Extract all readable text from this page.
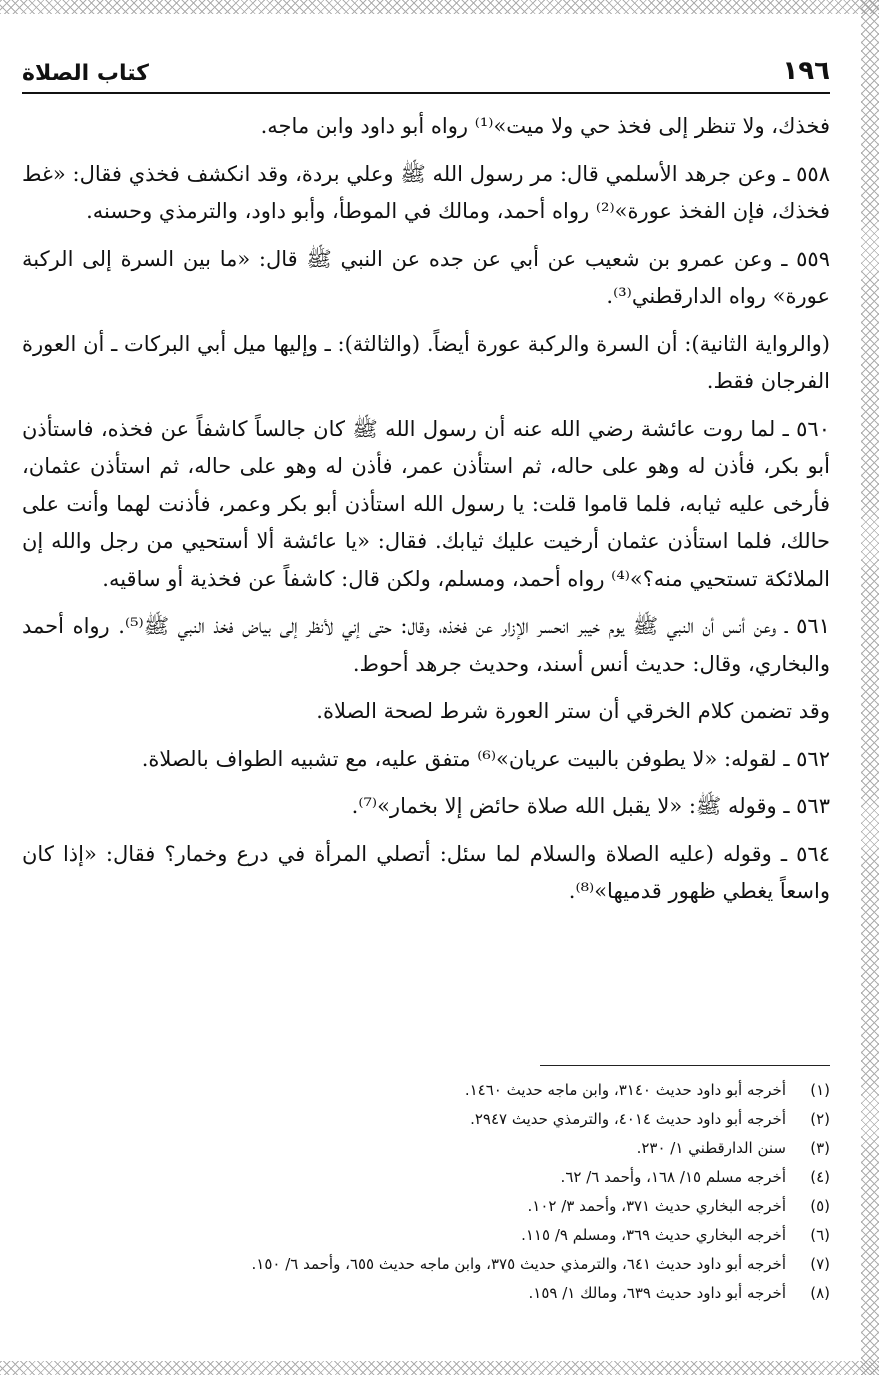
١٩٦
كتاب الصلاة

فخذك، ولا تنظر إلى فخذ حي ولا ميت»⁽¹⁾ رواه أبو داود وابن ماجه.

٥٥٨ ـ وعن جرهد الأسلمي قال: مر رسول الله ﷺ وعلي بردة، وقد انكشف فخذي فقال: «غط فخذك، فإن الفخذ عورة»⁽²⁾ رواه أحمد، ومالك في الموطأ، وأبو داود، والترمذي وحسنه.

٥٥٩ ـ وعن عمرو بن شعيب عن أبي عن جده عن النبي ﷺ قال: «ما بين السرة إلى الركبة عورة» رواه الدارقطني⁽³⁾.

(والرواية الثانية): أن السرة والركبة عورة أيضاً. (والثالثة): ـ وإليها ميل أبي البركات ـ أن العورة الفرجان فقط.

٥٦٠ ـ لما روت عائشة رضي الله عنه أن رسول الله ﷺ كان جالساً كاشفاً عن فخذه، فاستأذن أبو بكر، فأذن له وهو على حاله، ثم استأذن عمر، فأذن له وهو على حاله، ثم استأذن عثمان، فأرخى عليه ثيابه، فلما قاموا قلت: يا رسول الله استأذن أبو بكر وعمر، فأذنت لهما وأنت على حالك، فلما استأذن عثمان أرخيت عليك ثيابك. فقال: «يا عائشة ألا أستحيي من رجل والله إن الملائكة تستحيي منه؟»⁽⁴⁾ رواه أحمد، ومسلم، ولكن قال: كاشفاً عن فخذية أو ساقيه.

٥٦١ ـ وعن أنس أن النبي ﷺ يوم خيبر انحسر الإزار عن فخذه، وقال: حتى إني لأنظر إلى بياض فخذ النبي ﷺ⁽⁵⁾. رواه أحمد والبخاري، وقال: حديث أنس أسند، وحديث جرهد أحوط.

وقد تضمن كلام الخرقي أن ستر العورة شرط لصحة الصلاة.

٥٦٢ ـ لقوله: «لا يطوفن بالبيت عريان»⁽⁶⁾ متفق عليه، مع تشبيه الطواف بالصلاة.

٥٦٣ ـ وقوله ﷺ: «لا يقبل الله صلاة حائض إلا بخمار»⁽⁷⁾.

٥٦٤ ـ وقوله (عليه الصلاة والسلام لما سئل: أتصلي المرأة في درع وخمار؟ فقال: «إذا كان واسعاً يغطي ظهور قدميها»⁽⁸⁾.

(١)
أخرجه أبو داود حديث ٣١٤٠، وابن ماجه حديث ١٤٦٠.
(٢)
أخرجه أبو داود حديث ٤٠١٤، والترمذي حديث ٢٩٤٧.
(٣)
سنن الدارقطني ١/ ٢٣٠.
(٤)
أخرجه مسلم ١٥/ ١٦٨، وأحمد ٦/ ٦٢.
(٥)
أخرجه البخاري حديث ٣٧١، وأحمد ٣/ ١٠٢.
(٦)
أخرجه البخاري حديث ٣٦٩، ومسلم ٩/ ١١٥.
(٧)
أخرجه أبو داود حديث ٦٤١، والترمذي حديث ٣٧٥، وابن ماجه حديث ٦٥٥، وأحمد ٦/ ١٥٠.
(٨)
أخرجه أبو داود حديث ٦٣٩، ومالك ١/ ١٥٩.
